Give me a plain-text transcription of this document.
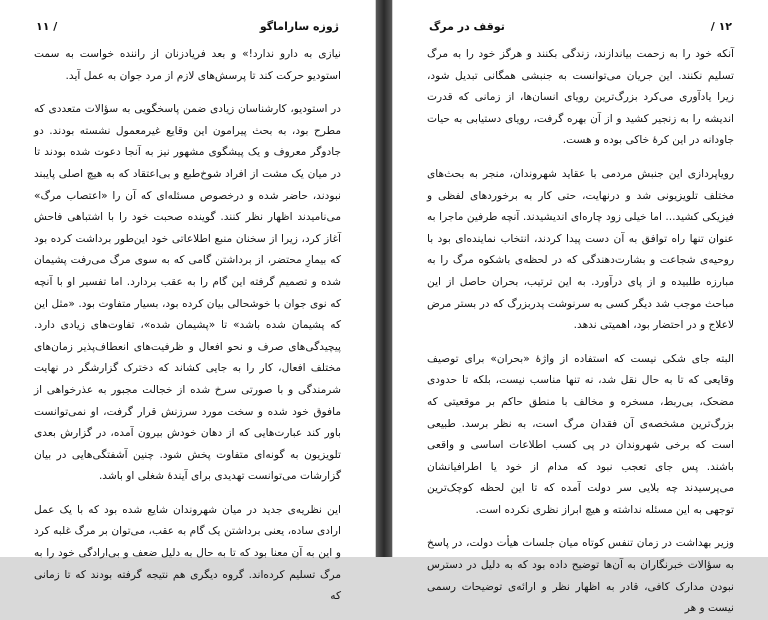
ژوزه ساراماگو
/ ۱۱

نیازی به دارو ندارد!» و بعد فریادزنان از راننده خواست به سمت استودیو حرکت کند تا پرسش‌های لازم از مرد جوان به عمل آید.

در استودیو، کارشناسان زیادی ضمن پاسخگویی به سؤالات متعددی که مطرح بود، به بحث پیرامون این وقایع غیرمعمول نشسته بودند. دو جادوگر معروف و یک پیشگوی مشهور نیز به آنجا دعوت شده بودند تا در میان یک مشت از افراد شوخ‌طبع و بی‌اعتقاد که به هیچ اصلی پایبند نبودند، حاضر شده و درخصوص مسئله‌ای که آن را «اعتصاب مرگ» می‌نامیدند اظهار نظر کنند. گوینده صحبت خود را با اشتباهی فاحش آغاز کرد، زیرا از سخنان منبع اطلاعاتی خود این‌طور برداشت کرده بود که بیمارِ محتضر، از برداشتن گامی که به سوی مرگ می‌رفت پشیمان شده و تصمیم گرفته این گام را به عقب بردارد. اما تفسیر او با آنچه که نوی جوان با خوشحالی بیان کرده بود، بسیار متفاوت بود. «مثل این که پشیمان شده باشد» تا «پشیمان شده»، تفاوت‌های زیادی دارد. پیچیدگی‌های صرف و نحو افعال و ظرفیت‌های انعطاف‌پذیر زمان‌های مختلف افعال، کار را به جایی کشاند که دخترک گزارشگر در نهایت شرمندگی و با صورتی سرخ شده از خجالت مجبور به عذرخواهی از مافوق خود شده و سخت مورد سرزنش قرار گرفت، او نمی‌توانست باور کند عبارت‌هایی که از دهان خودش بیرون آمده، در گزارش بعدی تلویزیون به گونه‌ای متفاوت پخش شود. چنین آشفتگی‌هایی در بیان گزارشات می‌توانست تهدیدی برای آیندهٔ شغلی او باشد.

این نظریه‌ی جدید در میان شهروندان شایع شده بود که با یک عمل ارادی ساده، یعنی برداشتن یک گام به عقب، می‌توان بر مرگ غلبه کرد و این به آن معنا بود که تا به حال به دلیل ضعف و بی‌ارادگی خود را به مرگ تسلیم کرده‌اند. گروه دیگری هم نتیجه گرفته بودند که تا زمانی که

۱۲ /
توقف در مرگ

آنکه خود را به زحمت بیاندازند، زندگی بکنند و هرگز خود را به مرگ تسلیم نکنند. این جریان می‌توانست به جنبشی همگانی تبدیل شود، زیرا یادآوری می‌کرد بزرگ‌ترین رویای انسان‌ها، از زمانی که قدرت اندیشه را به زنجیر کشید و از آن بهره گرفت، رویای دستیابی به حیات جاودانه در این کرهٔ خاکی بوده و هست.

رویاپردازی این جنبش مردمی با عقاید شهروندان، منجر به بحث‌های مختلف تلویزیونی شد و درنهایت، حتی کار به برخوردهای لفظی و فیزیکی کشید... اما خیلی زود چاره‌ای اندیشیدند. آنچه طرفین ماجرا به عنوان تنها راه توافق به آن دست پیدا کردند، انتخاب نماینده‌ای بود با روحیه‌ی شجاعت و بشارت‌دهندگی که در لحظه‌ی باشکوه مرگ را به مبارزه طلبیده و از پای درآورد. به این ترتیب، بحران حاصل از این مباحث موجب شد دیگر کسی به سرنوشت پدربزرگ که در بستر مرض لاعلاج و در احتضار بود، اهمیتی ندهد.

البته جای شکی نیست که استفاده از واژهٔ «بحران» برای توصیف وقایعی که تا به حال نقل شد، نه تنها مناسب نیست، بلکه تا حدودی مضحک، بی‌ربط، مسخره و مخالف با منطق حاکم بر موقعیتی که بزرگ‌ترین مشخصه‌ی آن فقدان مرگ است، به نظر برسد. طبیعی است که برخی شهروندان در پی کسب اطلاعات اساسی و واقعی باشند. پس جای تعجب نبود که مدام از خود یا اطرافیانشان می‌پرسیدند چه بلایی سر دولت آمده که تا این لحظه کوچک‌ترین توجهی به این مسئله نداشته و هیچ ابراز نظری نکرده است.

وزیر بهداشت در زمان تنفس کوتاه میان جلسات هیأت دولت، در پاسخ به سؤالات خبرنگاران به آن‌ها توضیح داده بود که به دلیل در دسترس نبودن مدارک کافی، قادر به اظهار نظر و ارائه‌ی توضیحات رسمی نیست و هر
